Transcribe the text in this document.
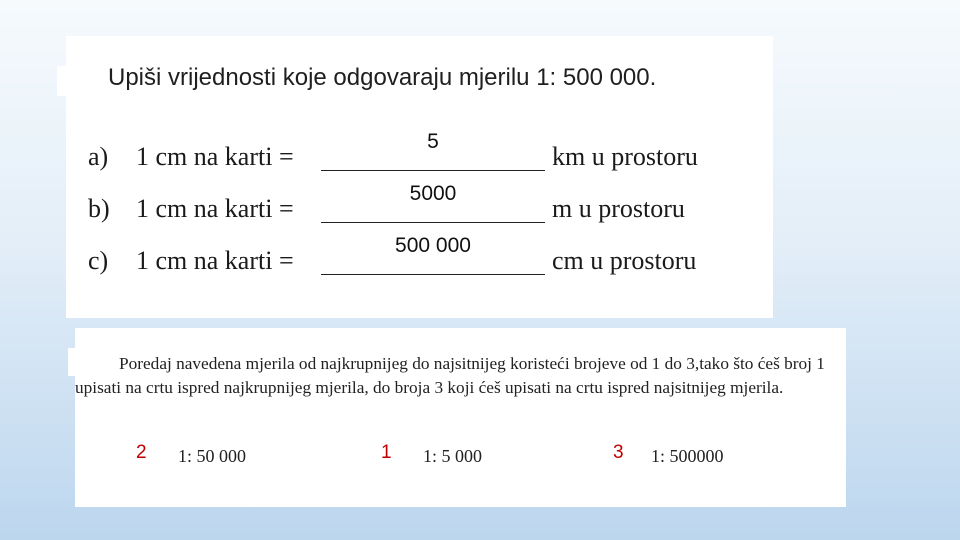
Upiši vrijednosti koje odgovaraju mjerilu 1: 500 000.
a) 1 cm na karti =
5
km u prostoru
b) 1 cm na karti =
5000
m u prostoru
c) 1 cm na karti =
500 000
cm u prostoru
Poredaj navedena mjerila od najkrupnijeg do najsitnijeg koristeći brojeve od 1 do 3,tako što ćeš broj 1 upisati na crtu ispred najkrupnijeg mjerila, do broja 3 koji ćeš upisati na crtu ispred najsitnijeg mjerila.
2 1: 50 000	1 1: 5 000	3 1: 500000
